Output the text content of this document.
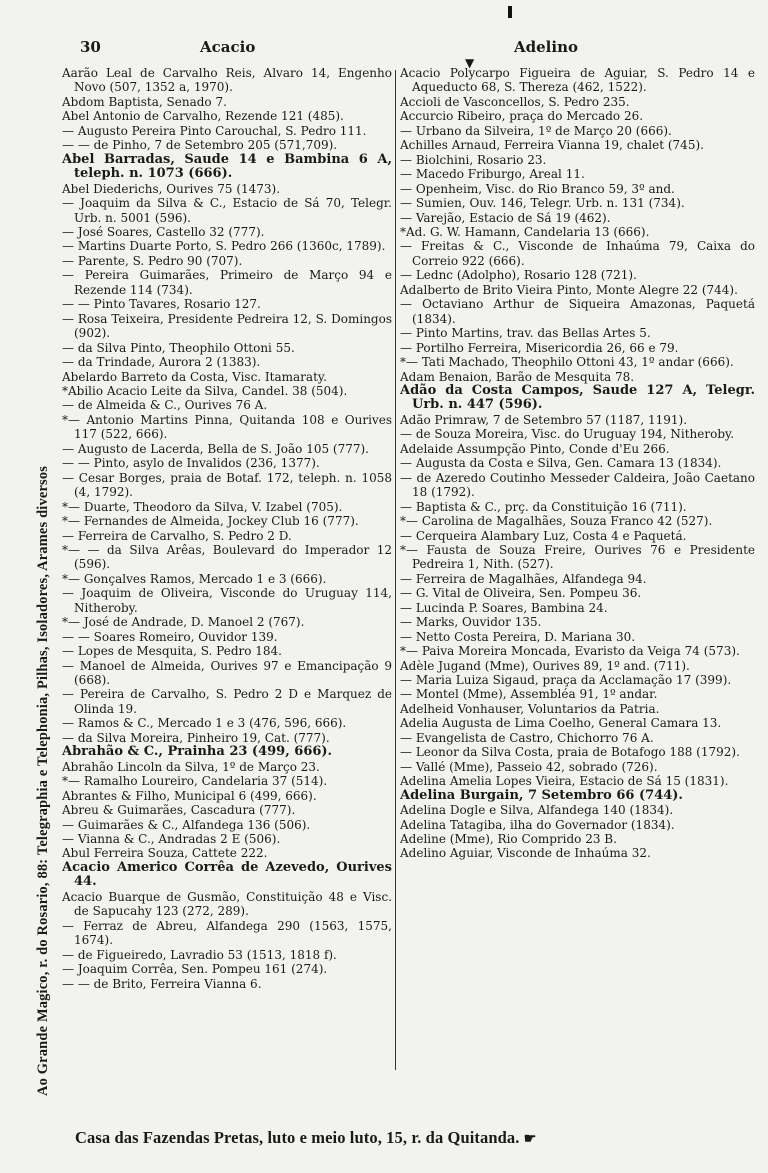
30	Acacio	Adelino
▼
Ao Grande Magico, r. do Rosario, 88: Telegraphia e Telephonia, Pilhas, Isoladores, Arames diversos

Aarão Leal de Carvalho Reis, Alvaro 14, Engenho Novo (507, 1352 a, 1970).

Abdom Baptista, Senado 7.

Abel Antonio de Carvalho, Rezende 121 (485).

— Augusto Pereira Pinto Carouchal, S. Pedro 111.

— — de Pinho, 7 de Setembro 205 (571,709).

Abel Barradas, Saude 14 e Bambina 6 A, teleph. n. 1073 (666).

Abel Diederichs, Ourives 75 (1473).

— Joaquim da Silva & C., Estacio de Sá 70, Telegr. Urb. n. 5001 (596).

— José Soares, Castello 32 (777).

— Martins Duarte Porto, S. Pedro 266 (1360c, 1789).

— Parente, S. Pedro 90 (707).

— Pereira Guimarães, Primeiro de Março 94 e Rezende 114 (734).

— — Pinto Tavares, Rosario 127.

— Rosa Teixeira, Presidente Pedreira 12, S. Domingos (902).

— da Silva Pinto, Theophilo Ottoni 55.

— da Trindade, Aurora 2 (1383).

Abelardo Barreto da Costa, Visc. Itamaraty.

*Abilio Acacio Leite da Silva, Candel. 38 (504).

— de Almeida & C., Ourives 76 A.

*— Antonio Martins Pinna, Quitanda 108 e Ourives 117 (522, 666).

— Augusto de Lacerda, Bella de S. João 105 (777).

— — Pinto, asylo de Invalidos (236, 1377).

— Cesar Borges, praia de Botaf. 172, teleph. n. 1058 (4, 1792).

*— Duarte, Theodoro da Silva, V. Izabel (705).

*— Fernandes de Almeida, Jockey Club 16 (777).

— Ferreira de Carvalho, S. Pedro 2 D.

*— — da Silva Arêas, Boulevard do Imperador 12 (596).

*— Gonçalves Ramos, Mercado 1 e 3 (666).

— Joaquim de Oliveira, Visconde do Uruguay 114, Nitheroby.

*— José de Andrade, D. Manoel 2 (767).

— — Soares Romeiro, Ouvidor 139.

— Lopes de Mesquita, S. Pedro 184.

— Manoel de Almeida, Ourives 97 e Emancipação 9 (668).

— Pereira de Carvalho, S. Pedro 2 D e Marquez de Olinda 19.

— Ramos & C., Mercado 1 e 3 (476, 596, 666).

— da Silva Moreira, Pinheiro 19, Cat. (777).

Abrahão & C., Prainha 23 (499, 666).

Abrahão Lincoln da Silva, 1º de Março 23.

*— Ramalho Loureiro, Candelaria 37 (514).

Abrantes & Filho, Municipal 6 (499, 666).

Abreu & Guimarães, Cascadura (777).

— Guimarães & C., Alfandega 136 (506).

— Vianna & C., Andradas 2 E (506).

Abul Ferreira Souza, Cattete 222.

Acacio Americo Corrêa de Azevedo, Ourives 44.

Acacio Buarque de Gusmão, Constituição 48 e Visc. de Sapucahy 123 (272, 289).

— Ferraz de Abreu, Alfandega 290 (1563, 1575, 1674).

— de Figueiredo, Lavradio 53 (1513, 1818 f).

— Joaquim Corrêa, Sen. Pompeu 161 (274).

— — de Brito, Ferreira Vianna 6.

Acacio Polycarpo Figueira de Aguiar, S. Pedro 14 e Aqueducto 68, S. Thereza (462, 1522).

Accioli de Vasconcellos, S. Pedro 235.

Accurcio Ribeiro, praça do Mercado 26.

— Urbano da Silveira, 1º de Março 20 (666).

Achilles Arnaud, Ferreira Vianna 19, chalet (745).

— Biolchini, Rosario 23.

— Macedo Friburgo, Areal 11.

— Openheim, Visc. do Rio Branco 59, 3º and.

— Sumien, Ouv. 146, Telegr. Urb. n. 131 (734).

— Varejão, Estacio de Sá 19 (462).

*Ad. G. W. Hamann, Candelaria 13 (666).

— Freitas & C., Visconde de Inhaúma 79, Caixa do Correio 922 (666).

— Lednc (Adolpho), Rosario 128 (721).

Adalberto de Brito Vieira Pinto, Monte Alegre 22 (744).

— Octaviano Arthur de Siqueira Amazonas, Paquetá (1834).

— Pinto Martins, trav. das Bellas Artes 5.

— Portilho Ferreira, Misericordia 26, 66 e 79.

*— Tati Machado, Theophilo Ottoni 43, 1º andar (666).

Adam Benaion, Barão de Mesquita 78.

Adão da Costa Campos, Saude 127 A, Telegr. Urb. n. 447 (596).

Adão Primraw, 7 de Setembro 57 (1187, 1191).

— de Souza Moreira, Visc. do Uruguay 194, Nitheroby.

Adelaide Assumpção Pinto, Conde d'Eu 266.

— Augusta da Costa e Silva, Gen. Camara 13 (1834).

— de Azeredo Coutinho Messeder Caldeira, João Caetano 18 (1792).

— Baptista & C., prç. da Constituição 16 (711).

*— Carolina de Magalhães, Souza Franco 42 (527).

— Cerqueira Alambary Luz, Costa 4 e Paquetá.

*— Fausta de Souza Freire, Ourives 76 e Presidente Pedreira 1, Nith. (527).

— Ferreira de Magalhães, Alfandega 94.

— G. Vital de Oliveira, Sen. Pompeu 36.

— Lucinda P. Soares, Bambina 24.

— Marks, Ouvidor 135.

— Netto Costa Pereira, D. Mariana 30.

*— Paiva Moreira Moncada, Evaristo da Veiga 74 (573).

Adèle Jugand (Mme), Ourives 89, 1º and. (711).

— Maria Luiza Sigaud, praça da Acclamação 17 (399).

— Montel (Mme), Assembléa 91, 1º andar.

Adelheid Vonhauser, Voluntarios da Patria.

Adelia Augusta de Lima Coelho, General Camara 13.

— Evangelista de Castro, Chichorro 76 A.

— Leonor da Silva Costa, praia de Botafogo 188 (1792).

— Vallé (Mme), Passeio 42, sobrado (726).

Adelina Amelia Lopes Vieira, Estacio de Sá 15 (1831).

Adelina Burgain, 7 Setembro 66 (744).

Adelina Dogle e Silva, Alfandega 140 (1834).

Adelina Tatagiba, ilha do Governador (1834).

Adeline (Mme), Rio Comprido 23 B.

Adelino Aguiar, Visconde de Inhaúma 32.

Casa das Fazendas Pretas, luto e meio luto, 15, r. da Quitanda. ☛
